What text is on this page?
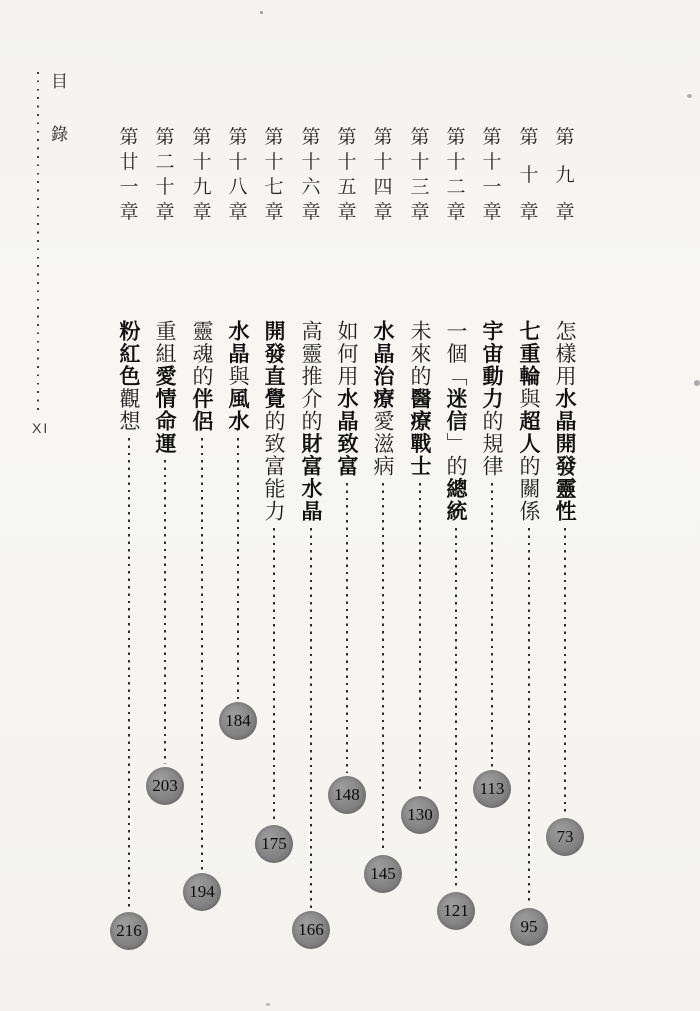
目錄
XI
第
九
章
怎樣用水晶開發靈性
73
第
十
章
七重輪與超人的關係
95
第
十
一
章
宇宙動力的規律
113
第
十
二
章
一個「迷信」的總統
121
第
十
三
章
未來的醫療戰士
130
第
十
四
章
水晶治療愛滋病
145
第
十
五
章
如何用水晶致富
148
第
十
六
章
高靈推介的財富水晶
166
第
十
七
章
開發直覺的致富能力
175
第
十
八
章
水晶與風水
184
第
十
九
章
靈魂的伴侶
194
第
二
十
章
重組愛情命運
203
第
廿
一
章
粉紅色觀想
216
